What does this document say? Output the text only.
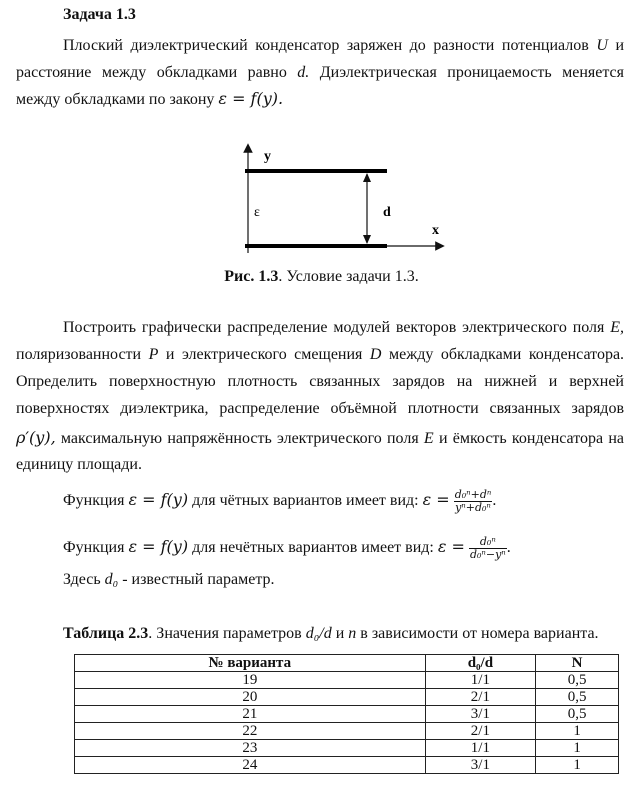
Задача 1.3
Плоский диэлектрический конденсатор заряжен до разности потенциалов U и
расстояние между обкладками равно d. Диэлектрическая проницаемость меняется
между обкладками по закону ε = f(y).
y
x
ε	d
Рис. 1.3. Условие задачи 1.3.
Построить графически распределение модулей векторов электрического поля E,
поляризованности P и электрического смещения D между обкладками конденсатора.
Определить поверхностную плотность связанных зарядов на нижней и верхней
поверхностях диэлектрика, распределение объёмной плотности связанных зарядов
ρ′(y), максимальную напряжённость электрического поля E и ёмкость конденсатора на
единицу площади.
Функция ε = f(y) для чётных вариантов имеет вид: $\varepsilon = \frac{\text{d₀ⁿ+dⁿ}}{\text{yⁿ+d₀ⁿ}}$ .
Функция ε = f(y) для нечётных вариантов имеет вид: $\varepsilon = \frac{\text{d₀ⁿ}}{\text{d₀ⁿ−yⁿ}}$ .
Здесь d₀ - известный параметр.
Таблица 2.3. Значения параметров d₀/d и n в зависимости от номера варианта.
№ варианта	d₀/d	N
19	1/1	0,5
20	2/1	0,5
21	3/1	0,5
22	2/1	1
23	1/1	1
24	3/1	1
